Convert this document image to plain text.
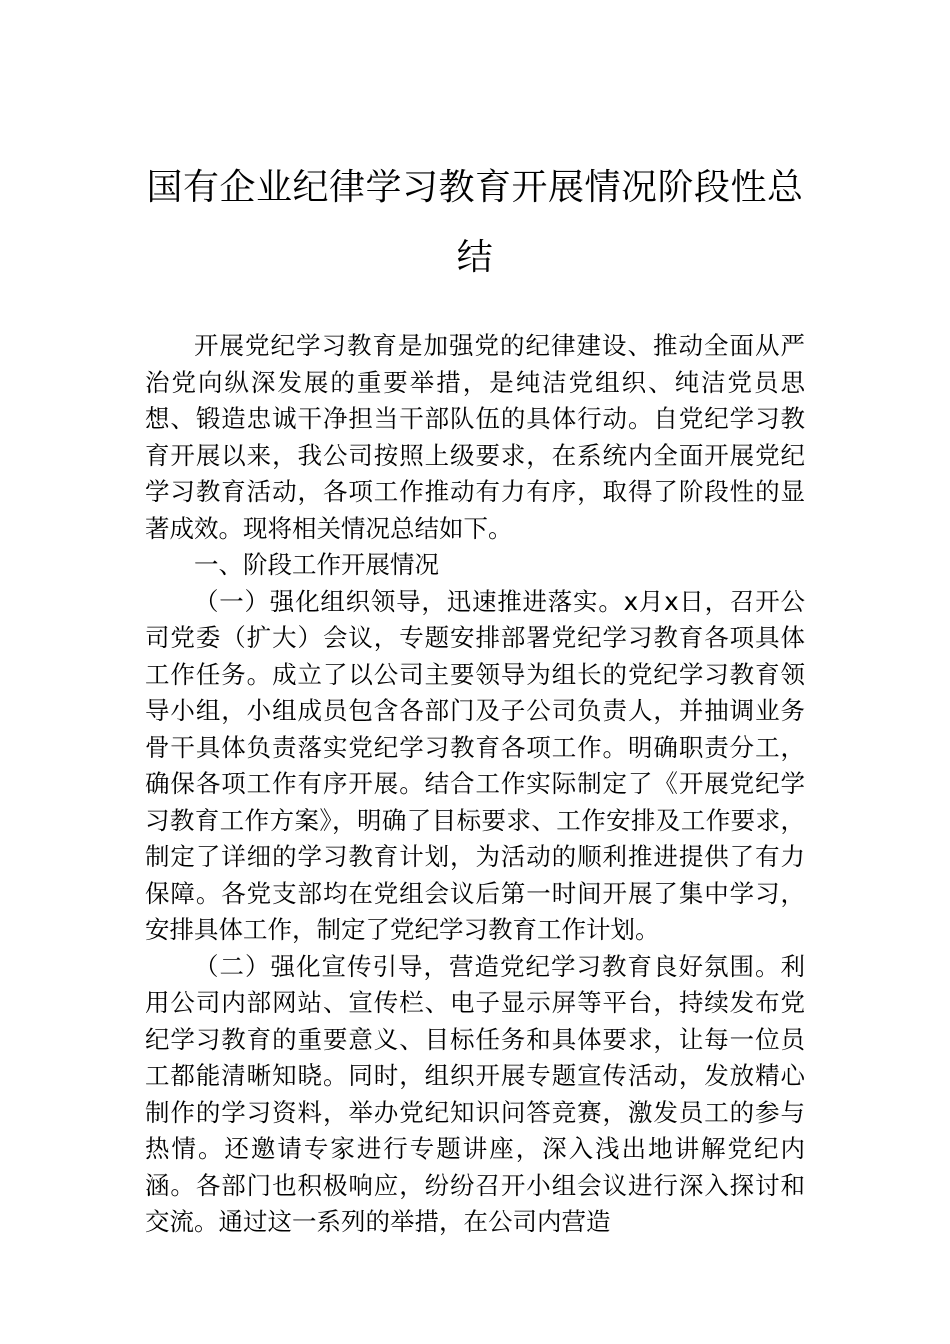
国有企业纪律学习教育开展情况阶段性总
结

开展党纪学习教育是加强党的纪律建设、推动全面从严治党向纵深发展的重要举措，是纯洁党组织、纯洁党员思想、锻造忠诚干净担当干部队伍的具体行动。自党纪学习教育开展以来，我公司按照上级要求，在系统内全面开展党纪学习教育活动，各项工作推动有力有序，取得了阶段性的显著成效。现将相关情况总结如下。

一、阶段工作开展情况

（一）强化组织领导，迅速推进落实。x月x日，召开公司党委（扩大）会议，专题安排部署党纪学习教育各项具体工作任务。成立了以公司主要领导为组长的党纪学习教育领导小组，小组成员包含各部门及子公司负责人，并抽调业务骨干具体负责落实党纪学习教育各项工作。明确职责分工，确保各项工作有序开展。结合工作实际制定了《开展党纪学习教育工作方案》，明确了目标要求、工作安排及工作要求，制定了详细的学习教育计划，为活动的顺利推进提供了有力保障。各党支部均在党组会议后第一时间开展了集中学习，安排具体工作，制定了党纪学习教育工作计划。

（二）强化宣传引导，营造党纪学习教育良好氛围。利用公司内部网站、宣传栏、电子显示屏等平台，持续发布党纪学习教育的重要意义、目标任务和具体要求，让每一位员工都能清晰知晓。同时，组织开展专题宣传活动，发放精心制作的学习资料，举办党纪知识问答竞赛，激发员工的参与热情。还邀请专家进行专题讲座，深入浅出地讲解党纪内涵。各部门也积极响应，纷纷召开小组会议进行深入探讨和交流。通过这一系列的举措，在公司内营造
